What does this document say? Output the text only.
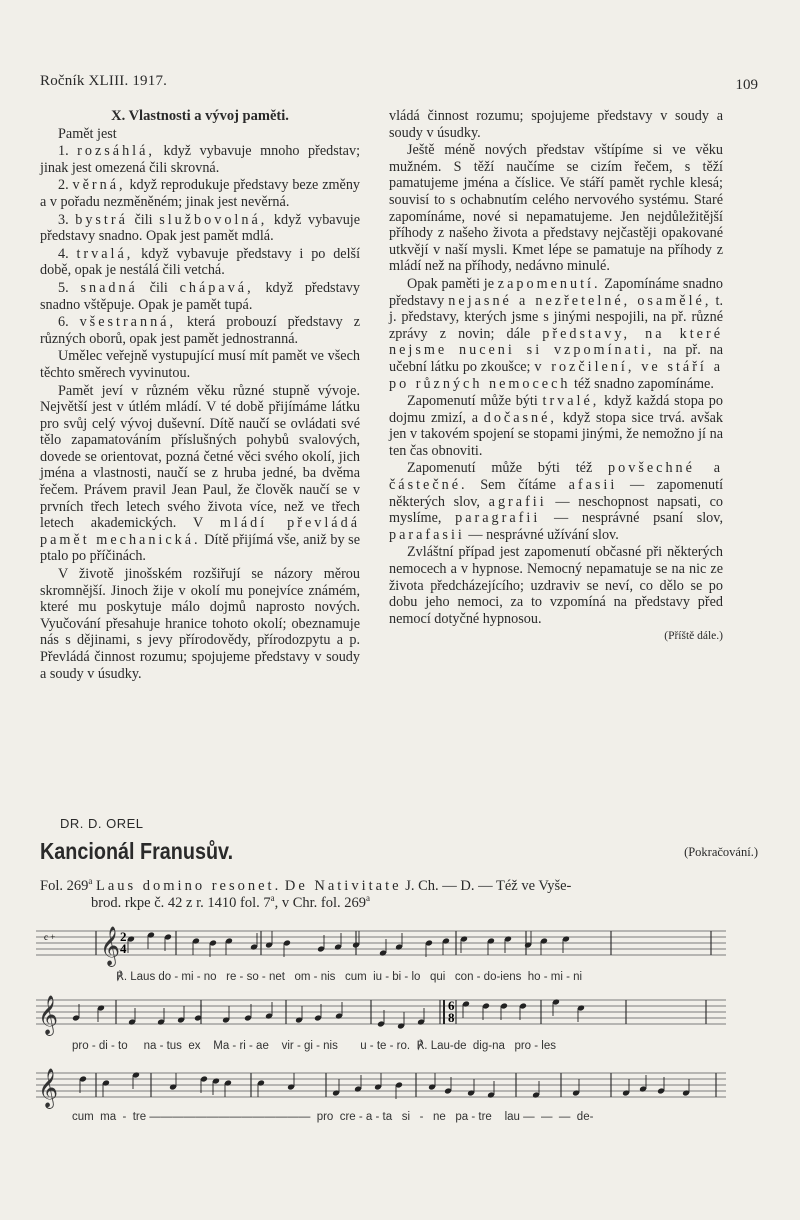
Ročník XLIII. 1917.	109

X. Vlastnosti a vývoj paměti.

Pamět jest

1. rozsáhlá, když vybavuje mnoho představ; jinak jest omezená čili skrovná.

2. věrná, když reprodukuje představy beze změny a v pořadu nezměněném; jinak jest nevěrná.

3. bystrá čili službovolná, když vybavuje představy snadno. Opak jest pamět mdlá.

4. trvalá, když vybavuje představy i po delší době, opak je nestálá čili vetchá.

5. snadná čili chápavá, když představy snadno vštěpuje. Opak je pamět tupá.

6. všestranná, která probouzí představy z různých oborů, opak jest pamět jednostranná.

Umělec veřejně vystupující musí mít pamět ve všech těchto směrech vyvinutou.

Pamět jeví v různém věku různé stupně vývoje. Největší jest v útlém mládí. V té době přijímáme látku pro svůj celý vývoj duševní. Dítě naučí se ovládati své tělo zapamatováním příslušných pohybů svalových, dovede se orientovat, pozná četné věci svého okolí, jich jména a vlastnosti, naučí se z hruba jedné, ba dvěma řečem. Právem pravil Jean Paul, že člověk naučí se v prvních třech letech svého života více, než ve třech letech akademických. V mládí převládá pamět mechanická. Dítě přijímá vše, aniž by se ptalo po příčinách.

V životě jinošském rozšiřují se názory měrou skromnější. Jinoch žije v okolí mu ponejvíce známém, které mu poskytuje málo dojmů naprosto nových. Vyučování přesahuje hranice tohoto okolí; obeznamuje nás s dějinami, s jevy přírodovědy, přírodozpytu a p. Převládá činnost rozumu; spojujeme představy v soudy a soudy v úsudky.

vládá činnost rozumu; spojujeme představy v soudy a soudy v úsudky.

Ještě méně nových představ vštípíme si ve věku mužném. S těží naučíme se cizím řečem, s těží pamatujeme jména a číslice. Ve stáří pamět rychle klesá; souvisí to s ochabnutím celého nervového systému. Staré zapomínáme, nové si nepamatujeme. Jen nejdůležitější příhody z našeho života a představy nejčastěji opakované utkvějí v naší mysli. Kmet lépe se pamatuje na příhody z mládí než na příhody, nedávno minulé.

Opak paměti je zapomenutí. Zapomínáme snadno představy nejasné a nezřetelné, osamělé, t. j. představy, kterých jsme s jinými nespojili, na př. různé zprávy z novin; dále představy, na které nejsme nuceni si vzpomínati, na př. na učební látku po zkoušce; v rozčilení, ve stáří a po různých nemocech též snadno zapomínáme.

Zapomenutí může býti trvalé, když každá stopa po dojmu zmizí, a dočasné, když stopa sice trvá. avšak jen v takovém spojení se stopami jinými, že nemožno jí na ten čas obnoviti.

Zapomenutí může býti též povšechné a částečné. Sem čítáme afasii — zapomenutí některých slov, agrafii — neschopnost napsati, co myslíme, paragrafii — nesprávné psaní slov, parafasii — nesprávné užívání slov.

Zvláštní případ jest zapomenutí občasné při některých nemocech a v hypnose. Nemocný nepamatuje se na nic ze života předcházejícího; uzdraviv se neví, co dělo se po dobu jeho nemoci, za to vzpomíná na představy před nemocí dotyčné hypnosou.

(Příště dále.)
DR. D. OREL
Kancionál Franusův.	(Pokračování.)
Fol. 269$^a$ Laus domino resonet. De Nativitate J. Ch. — D. — Též ve Vyše-
brod. rkpe č. 42 z r. 1410 fol. 7$^a$, v Chr. fol. 269$^a$
𝄞 2
4
c +
℟. Laus do - mi - no   re - so - net   om - nis   cum  iu - bi - lo   qui   con - do-iens  ho - mi - ni
𝄞	6
8
pro - di - to     na - tus  ex    Ma - ri - ae    vir - gi - nis       u - te - ro.  ℟. Lau-de  dig-na   pro - les
𝄞
cum  ma  -  tre ——————————————  pro  cre - a - ta   si   -   ne   pa - tre    lau —  —  —  de-
